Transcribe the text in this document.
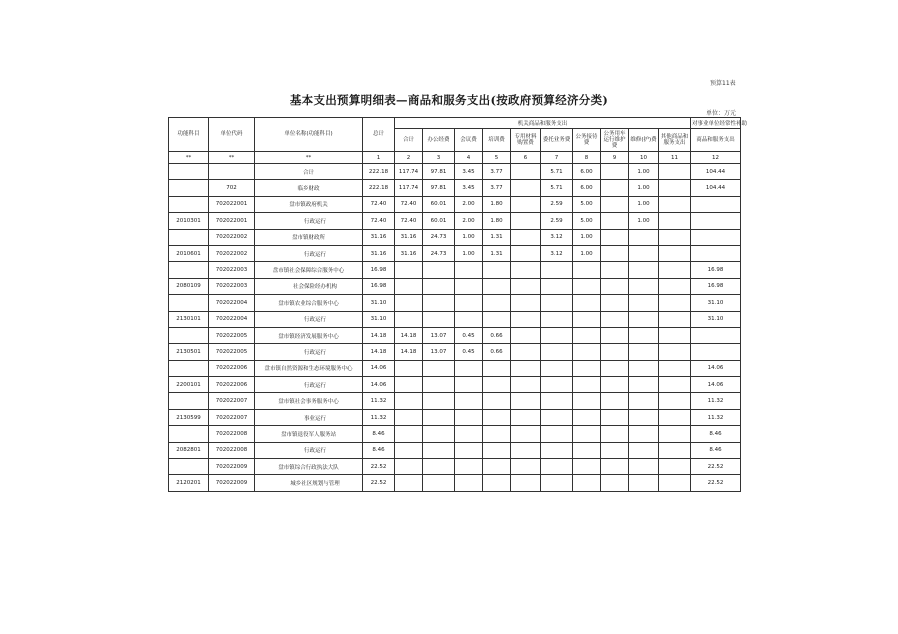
预算11表
基本支出预算明细表—商品和服务支出(按政府预算经济分类)
单位：万元
功能科目	单位代码	单位名称(功能科目)	总计	机关商品和服务支出										对事业单位经常性补助
				合计	办公经费	会议费	培训费	专用材料购置费	委托业务费	公务接待费	公务用车运行维护费	维修(护)费	其他商品和服务支出	商品和服务支出
**	**	**	1	2	3	4	5	6	7	8	9	10	11	12
		合计	222.18	117.74	97.81	3.45	3.77		5.71	6.00		1.00		104.44
	702	临乡财政	222.18	117.74	97.81	3.45	3.77		5.71	6.00		1.00		104.44
	702022001	盘市镇政府机关	72.40	72.40	60.01	2.00	1.80		2.59	5.00		1.00		
2010301	702022001	行政运行	72.40	72.40	60.01	2.00	1.80		2.59	5.00		1.00		
	702022002	盘市镇财政所	31.16	31.16	24.73	1.00	1.31		3.12	1.00				
2010601	702022002	行政运行	31.16	31.16	24.73	1.00	1.31		3.12	1.00				
	702022003	盘市镇社会保障综合服务中心	16.98											16.98
2080109	702022003	社会保险经办机构	16.98											16.98
	702022004	盘市镇农业综合服务中心	31.10											31.10
2130101	702022004	行政运行	31.10											31.10
	702022005	盘市镇经济发展服务中心	14.18	14.18	13.07	0.45	0.66							
2130501	702022005	行政运行	14.18	14.18	13.07	0.45	0.66							
	702022006	盘市镇自然资源和生态环境服务中心	14.06											14.06
2200101	702022006	行政运行	14.06											14.06
	702022007	盘市镇社会事务服务中心	11.32											11.32
2130599	702022007	事业运行	11.32											11.32
	702022008	盘市镇退役军人服务站	8.46											8.46
2082801	702022008	行政运行	8.46											8.46
	702022009	盘市镇综合行政执法大队	22.52											22.52
2120201	702022009	城乡社区规划与管理	22.52											22.52
